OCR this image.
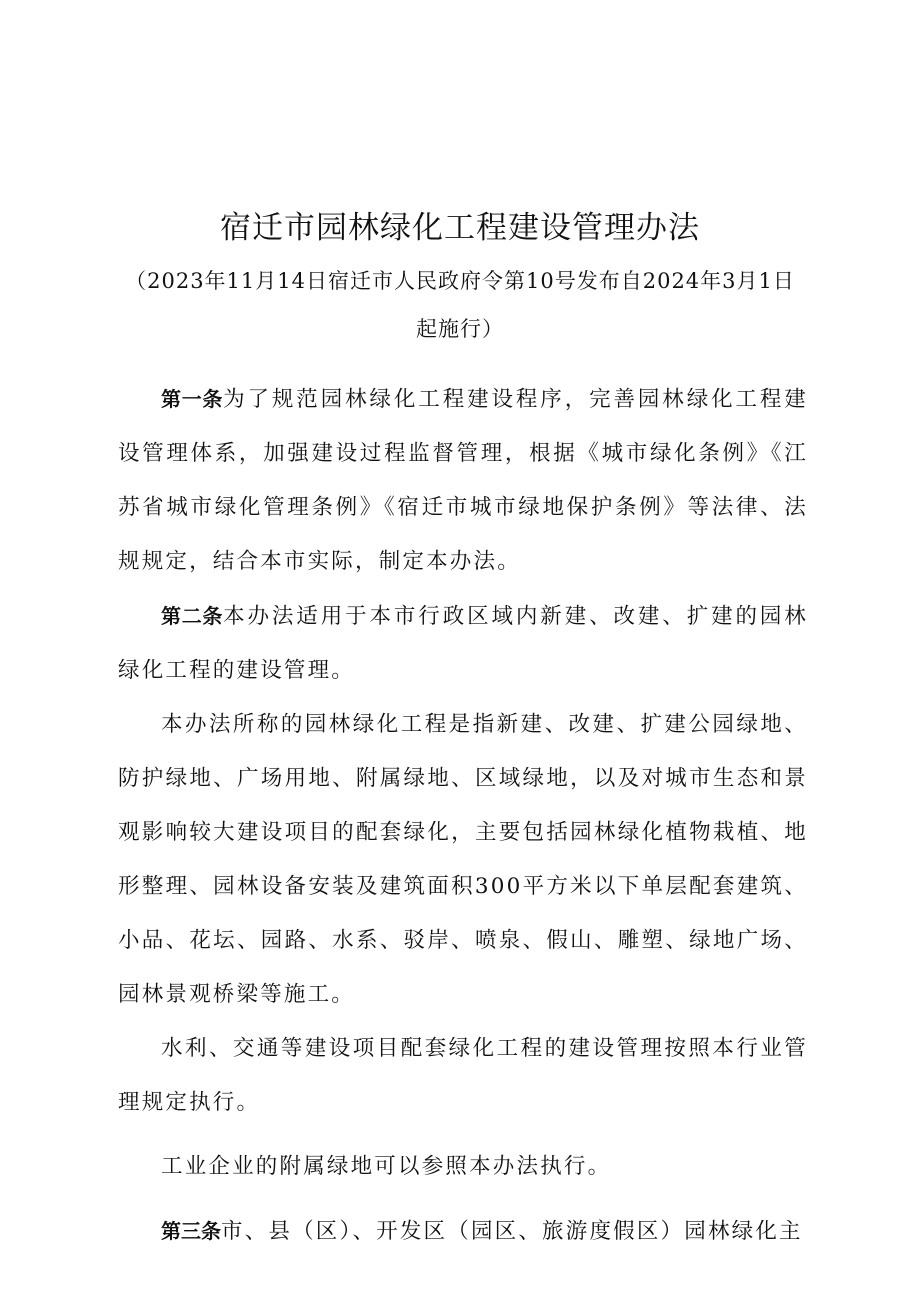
宿迁市园林绿化工程建设管理办法

（2023年11月14日宿迁市人民政府令第10号发布自2024年3月1日起施行）

第一条为了规范园林绿化工程建设程序，完善园林绿化工程建设管理体系，加强建设过程监督管理，根据《城市绿化条例》《江苏省城市绿化管理条例》《宿迁市城市绿地保护条例》等法律、法规规定，结合本市实际，制定本办法。

第二条本办法适用于本市行政区域内新建、改建、扩建的园林绿化工程的建设管理。

本办法所称的园林绿化工程是指新建、改建、扩建公园绿地、防护绿地、广场用地、附属绿地、区域绿地，以及对城市生态和景观影响较大建设项目的配套绿化，主要包括园林绿化植物栽植、地形整理、园林设备安装及建筑面积300平方米以下单层配套建筑、小品、花坛、园路、水系、驳岸、喷泉、假山、雕塑、绿地广场、园林景观桥梁等施工。

水利、交通等建设项目配套绿化工程的建设管理按照本行业管理规定执行。

工业企业的附属绿地可以参照本办法执行。

第三条市、县（区）、开发区（园区、旅游度假区）园林绿化主
